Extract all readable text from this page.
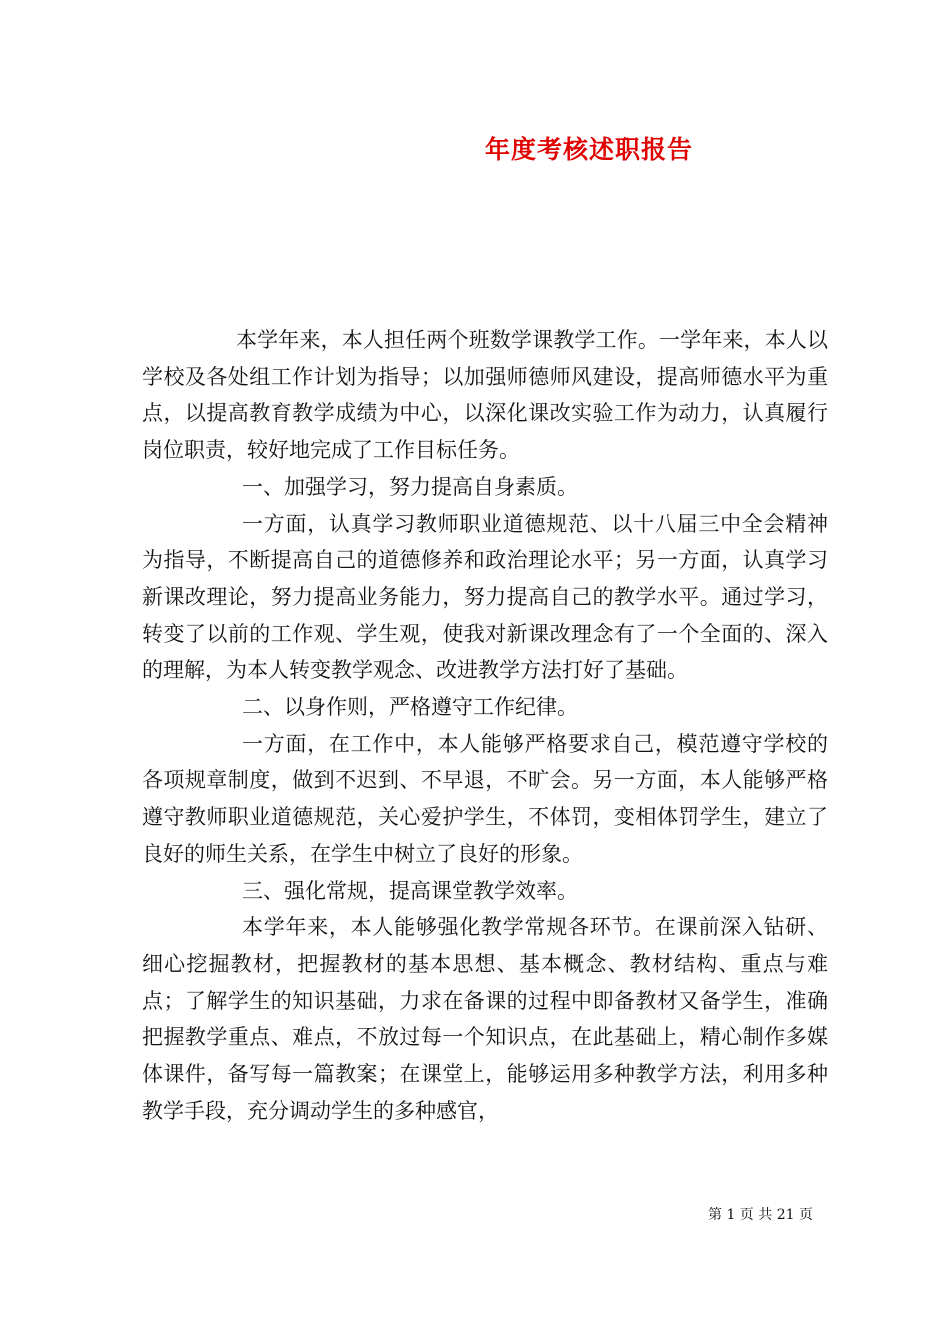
年度考核述职报告

本学年来，本人担任两个班数学课教学工作。一学年来，本人以学校及各处组工作计划为指导；以加强师德师风建设，提高师德水平为重点，以提高教育教学成绩为中心，以深化课改实验工作为动力，认真履行岗位职责，较好地完成了工作目标任务。

一、加强学习，努力提高自身素质。

一方面，认真学习教师职业道德规范、以十八届三中全会精神为指导，不断提高自己的道德修养和政治理论水平；另一方面，认真学习新课改理论，努力提高业务能力，努力提高自己的教学水平。通过学习，转变了以前的工作观、学生观，使我对新课改理念有了一个全面的、深入的理解，为本人转变教学观念、改进教学方法打好了基础。

二、以身作则，严格遵守工作纪律。

一方面，在工作中，本人能够严格要求自己，模范遵守学校的各项规章制度，做到不迟到、不早退，不旷会。另一方面，本人能够严格遵守教师职业道德规范，关心爱护学生，不体罚，变相体罚学生，建立了良好的师生关系，在学生中树立了良好的形象。

三、强化常规，提高课堂教学效率。

本学年来，本人能够强化教学常规各环节。在课前深入钻研、细心挖掘教材，把握教材的基本思想、基本概念、教材结构、重点与难点；了解学生的知识基础，力求在备课的过程中即备教材又备学生，准确把握教学重点、难点，不放过每一个知识点，在此基础上，精心制作多媒体课件，备写每一篇教案；在课堂上，能够运用多种教学方法，利用多种教学手段，充分调动学生的多种感官，

第 1 页 共 21 页
